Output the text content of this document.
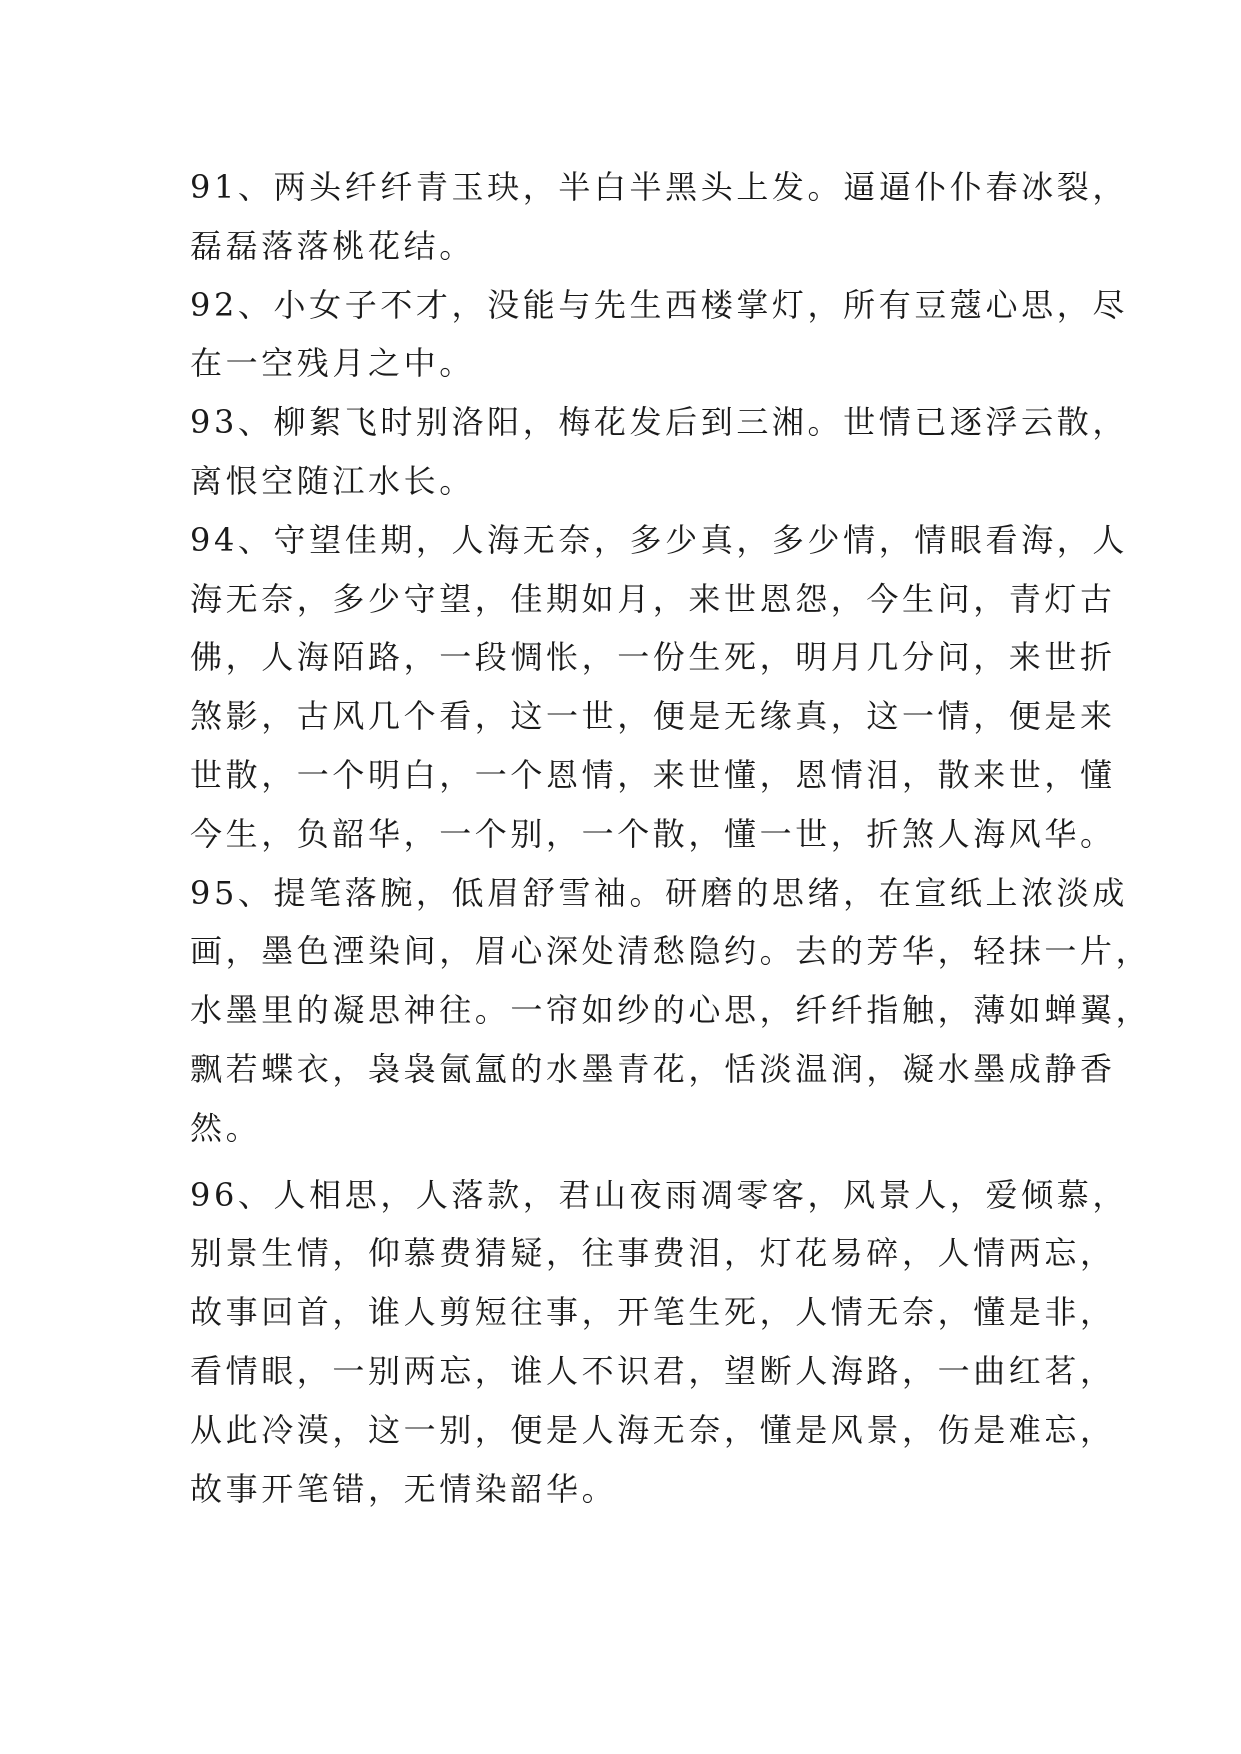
91、两头纤纤青玉玦，半白半黑头上发。逼逼仆仆春冰裂，
磊磊落落桃花结。
92、小女子不才，没能与先生西楼掌灯，所有豆蔻心思，尽
在一空残月之中。
93、柳絮飞时别洛阳，梅花发后到三湘。世情已逐浮云散，
离恨空随江水长。
94、守望佳期，人海无奈，多少真，多少情，情眼看海，人
海无奈，多少守望，佳期如月，来世恩怨，今生问，青灯古
佛，人海陌路，一段惆怅，一份生死，明月几分问，来世折
煞影，古风几个看，这一世，便是无缘真，这一情，便是来
世散，一个明白，一个恩情，来世懂，恩情泪，散来世，懂
今生，负韶华，一个别，一个散，懂一世，折煞人海风华。
95、提笔落腕，低眉舒雪袖。研磨的思绪，在宣纸上浓淡成
画，墨色湮染间，眉心深处清愁隐约。去的芳华，轻抹一片，
水墨里的凝思神往。一帘如纱的心思，纤纤指触，薄如蝉翼，
飘若蝶衣，袅袅氤氲的水墨青花，恬淡温润，凝水墨成静香
然。
96、人相思，人落款，君山夜雨凋零客，风景人，爱倾慕，
别景生情，仰慕费猜疑，往事费泪，灯花易碎，人情两忘，
故事回首，谁人剪短往事，开笔生死，人情无奈，懂是非，
看情眼，一别两忘，谁人不识君，望断人海路，一曲红茗，
从此冷漠，这一别，便是人海无奈，懂是风景，伤是难忘，
故事开笔错，无情染韶华。
